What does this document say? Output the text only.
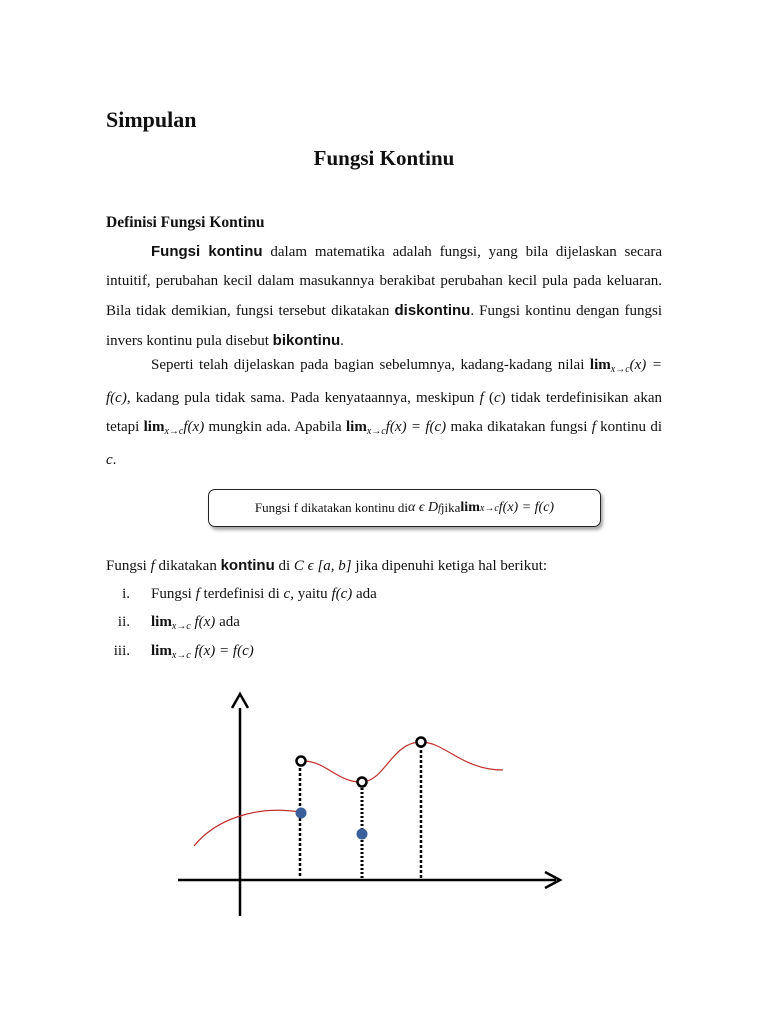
Simpulan
Fungsi Kontinu
Definisi Fungsi Kontinu

Fungsi kontinu dalam matematika adalah fungsi, yang bila dijelaskan secara intuitif, perubahan kecil dalam masukannya berakibat perubahan kecil pula pada keluaran. Bila tidak demikian, fungsi tersebut dikatakan diskontinu. Fungsi kontinu dengan fungsi invers kontinu pula disebut bikontinu.

Seperti telah dijelaskan pada bagian sebelumnya, kadang-kadang nilai $\lim_{x\to c}(x) = f(c)$, kadang pula tidak sama. Pada kenyataannya, meskipun f (c) tidak terdefinisikan akan tetapi $\lim_{x\to c}f(x)$ mungkin ada. Apabila $\lim_{x\to c}f(x) = f(c)$ maka dikatakan fungsi f kontinu di c.

Fungsi f dikatakan kontinu di α ϵ D f jika lim x→c f(x) = f(c)

Fungsi f dikatakan kontinu di C ϵ [a, b] jika dipenuhi ketiga hal berikut:

i. Fungsi f terdefinisi di c, yaitu f(c) ada
ii. $\lim_{x\to c} f(x)$ ada
iii. $\lim_{x\to c} f(x) = f(c)$
